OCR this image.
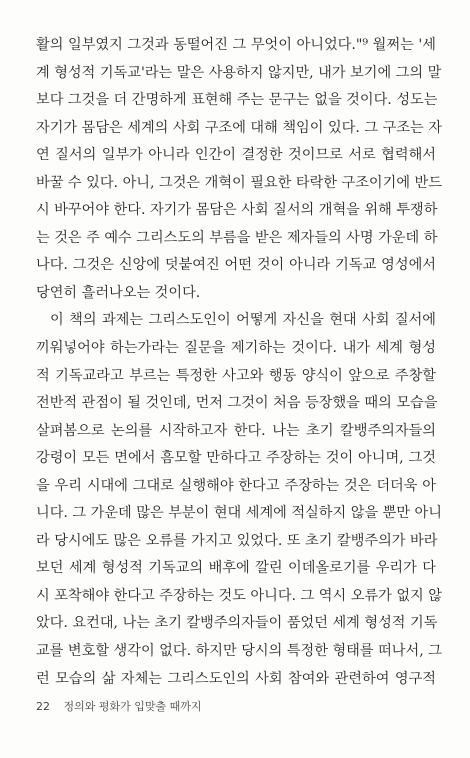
활의 일부였지 그것과 동떨어진 그 무엇이 아니었다."⁹ 월쩌는 '세
계 형성적 기독교'라는 말은 사용하지 않지만, 내가 보기에 그의 말
보다 그것을 더 간명하게 표현해 주는 문구는 없을 것이다. 성도는
자기가 몸담은 세계의 사회 구조에 대해 책임이 있다. 그 구조는 자
연 질서의 일부가 아니라 인간이 결정한 것이므로 서로 협력해서
바꿀 수 있다. 아니, 그것은 개혁이 필요한 타락한 구조이기에 반드
시 바꾸어야 한다. 자기가 몸담은 사회 질서의 개혁을 위해 투쟁하
는 것은 주 예수 그리스도의 부름을 받은 제자들의 사명 가운데 하
나다. 그것은 신앙에 덧붙여진 어떤 것이 아니라 기독교 영성에서
당연히 흘러나오는 것이다.
이 책의 과제는 그리스도인이 어떻게 자신을 현대 사회 질서에
끼워넣어야 하는가라는 질문을 제기하는 것이다. 내가 세계 형성
적 기독교라고 부르는 특정한 사고와 행동 양식이 앞으로 주창할
전반적 관점이 될 것인데, 먼저 그것이 처음 등장했을 때의 모습을
살펴봄으로 논의를 시작하고자 한다. 나는 초기 칼뱅주의자들의
강령이 모든 면에서 흠모할 만하다고 주장하는 것이 아니며, 그것
을 우리 시대에 그대로 실행해야 한다고 주장하는 것은 더더욱 아
니다. 그 가운데 많은 부분이 현대 세계에 적실하지 않을 뿐만 아니
라 당시에도 많은 오류를 가지고 있었다. 또 초기 칼뱅주의가 바라
보던 세계 형성적 기독교의 배후에 깔린 이데올로기를 우리가 다
시 포착해야 한다고 주장하는 것도 아니다. 그 역시 오류가 없지 않
았다. 요컨대, 나는 초기 칼뱅주의자들이 품었던 세계 형성적 기독
교를 변호할 생각이 없다. 하지만 당시의 특정한 형태를 떠나서, 그
런 모습의 삶 자체는 그리스도인의 사회 참여와 관련하여 영구적
22 정의와 평화가 입맞출 때까지
